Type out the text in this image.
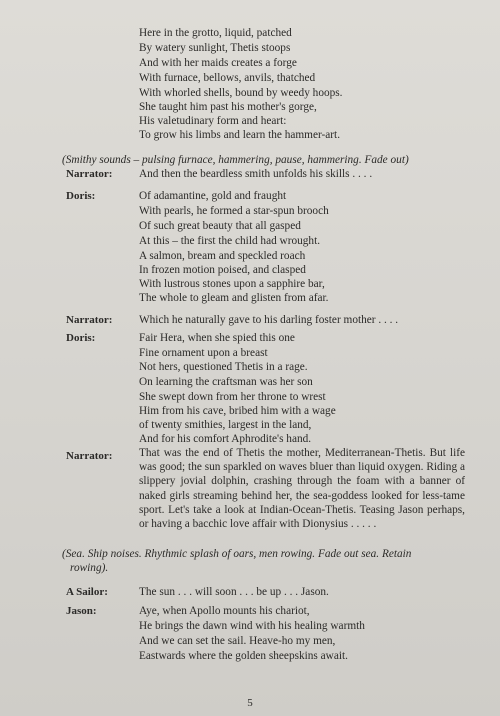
Here in the grotto, liquid, patched
By watery sunlight, Thetis stoops
And with her maids creates a forge
With furnace, bellows, anvils, thatched
With whorled shells, bound by weedy hoops.
She taught him past his mother's gorge,
His valetudinary form and heart:
To grow his limbs and learn the hammer-art.
(Smithy sounds – pulsing furnace, hammering, pause, hammering. Fade out)
Narrator: And then the beardless smith unfolds his skills . . . .
Doris:	Of adamantine, gold and fraught
With pearls, he formed a star-spun brooch
Of such great beauty that all gasped
At this – the first the child had wrought.
A salmon, bream and speckled roach
In frozen motion poised, and clasped
With lustrous stones upon a sapphire bar,
The whole to gleam and glisten from afar.
Narrator: Which he naturally gave to his darling foster mother . . . .
Doris:	Fair Hera, when she spied this one
Fine ornament upon a breast
Not hers, questioned Thetis in a rage.
On learning the craftsman was her son
She swept down from her throne to wrest
Him from his cave, bribed him with a wage
of twenty smithies, largest in the land,
And for his comfort Aphrodite's hand.
Narrator: That was the end of Thetis the mother, Mediterranean-Thetis. But life was good; the sun sparkled on waves bluer than liquid oxygen. Riding a slippery jovial dolphin, crashing through the foam with a banner of naked girls streaming behind her, the sea-goddess looked for less-tame sport. Let's take a look at Indian-Ocean-Thetis. Teasing Jason perhaps, or having a bacchic love affair with Dionysius . . . . .
(Sea. Ship noises. Rhythmic splash of oars, men rowing. Fade out sea. Retain
rowing).
A Sailor:	The sun . . . will soon . . . be up . . . Jason.
Jason:	Aye, when Apollo mounts his chariot,
He brings the dawn wind with his healing warmth
And we can set the sail. Heave-ho my men,
Eastwards where the golden sheepskins await.
5
